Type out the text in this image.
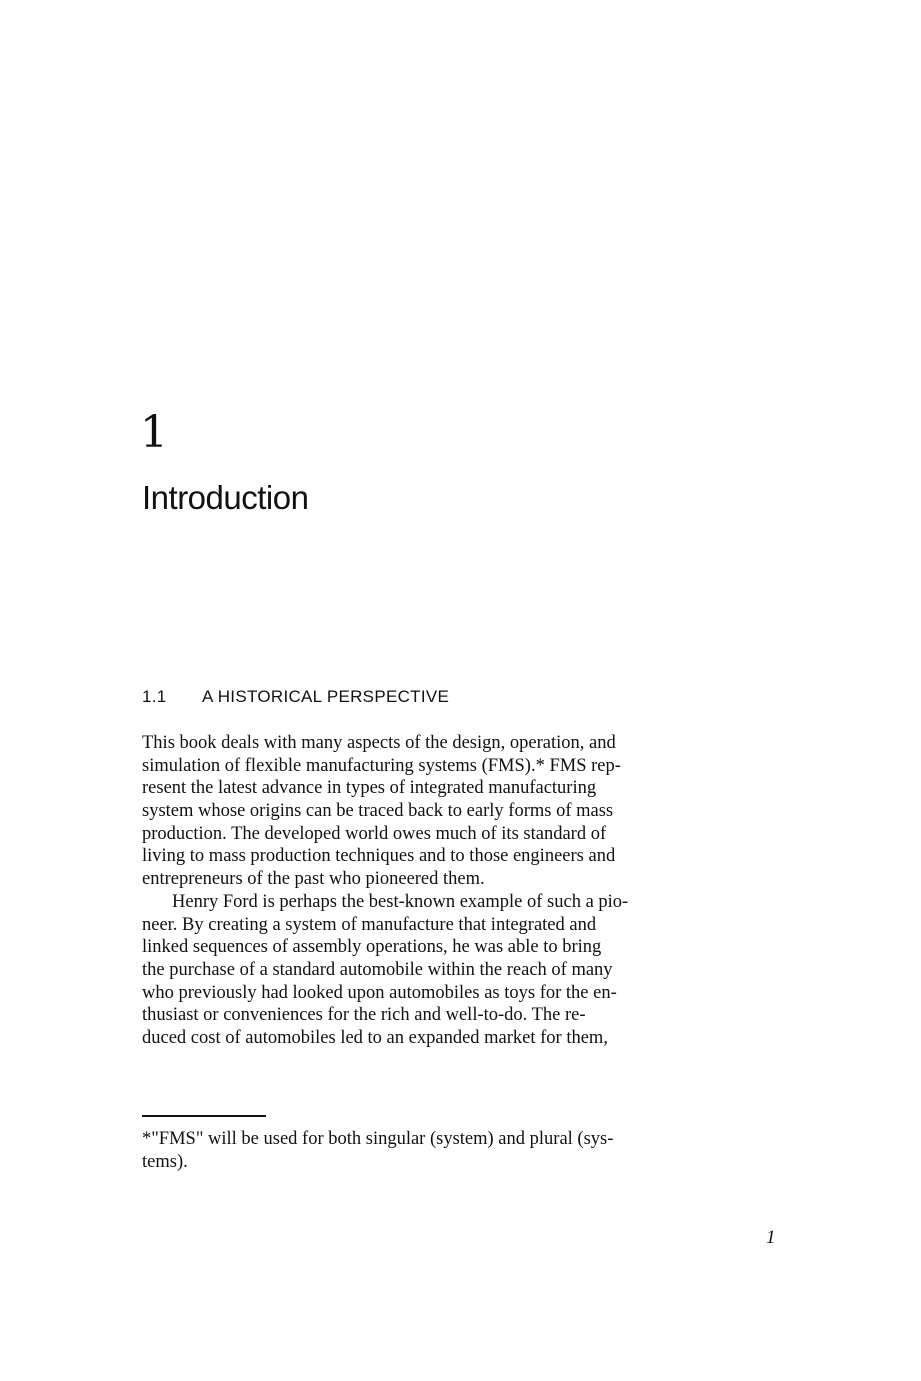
1
Introduction
1.1 A HISTORICAL PERSPECTIVE
This book deals with many aspects of the design, operation, and
simulation of flexible manufacturing systems (FMS).* FMS rep-
resent the latest advance in types of integrated manufacturing
system whose origins can be traced back to early forms of mass
production. The developed world owes much of its standard of
living to mass production techniques and to those engineers and
entrepreneurs of the past who pioneered them.
Henry Ford is perhaps the best-known example of such a pio-
neer. By creating a system of manufacture that integrated and
linked sequences of assembly operations, he was able to bring
the purchase of a standard automobile within the reach of many
who previously had looked upon automobiles as toys for the en-
thusiast or conveniences for the rich and well-to-do. The re-
duced cost of automobiles led to an expanded market for them,
*"FMS" will be used for both singular (system) and plural (sys-
tems).
1
